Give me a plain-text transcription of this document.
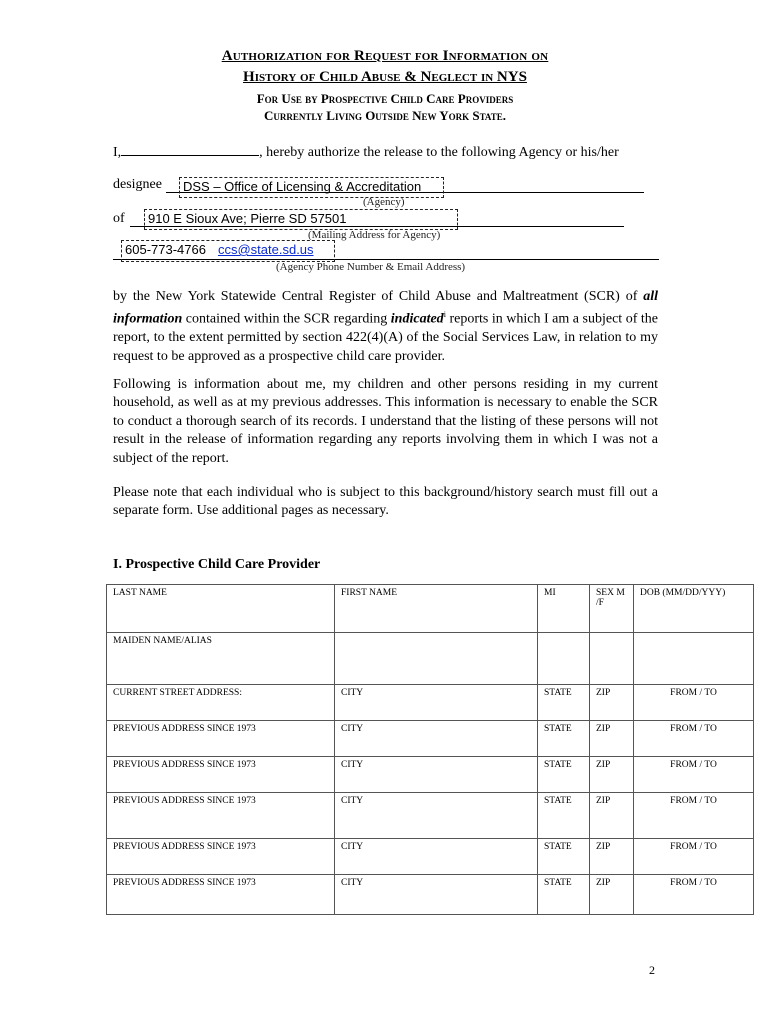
Authorization for Request for Information on
History of Child Abuse & Neglect in NYS
For Use by Prospective Child Care Providers
Currently Living Outside New York State.
I,	, hereby authorize the release to the following Agency or his/her
designee	DSS – Office of Licensing & Accreditation
(Agency)
of	910 E Sioux Ave; Pierre SD 57501
(Mailing Address for Agency)
605-773-4766 ccs@state.sd.us
(Agency Phone Number & Email Address)
by the New York Statewide Central Register of Child Abuse and Maltreatment (SCR) of all information contained within the SCR regarding indicated$^i$ reports in which I am a subject of the report, to the extent permitted by section 422(4)(A) of the Social Services Law, in relation to my request to be approved as a prospective child care provider.
Following is information about me, my children and other persons residing in my current household, as well as at my previous addresses. This information is necessary to enable the SCR to conduct a thorough search of its records. I understand that the listing of these persons will not result in the release of information regarding any reports involving them in which I was not a subject of the report.
Please note that each individual who is subject to this background/history search must fill out a separate form. Use additional pages as necessary.
I. Prospective Child Care Provider
LAST NAME	FIRST NAME	MI	SEX M /F	DOB (MM/DD/YYY)
MAIDEN NAME/ALIAS				
CURRENT STREET ADDRESS:	CITY	STATE	ZIP	FROM / TO
PREVIOUS ADDRESS SINCE 1973	CITY	STATE	ZIP	FROM / TO
PREVIOUS ADDRESS SINCE 1973	CITY	STATE	ZIP	FROM / TO
PREVIOUS ADDRESS SINCE 1973	CITY	STATE	ZIP	FROM / TO
PREVIOUS ADDRESS SINCE 1973	CITY	STATE	ZIP	FROM / TO
PREVIOUS ADDRESS SINCE 1973	CITY	STATE	ZIP	FROM / TO
2
